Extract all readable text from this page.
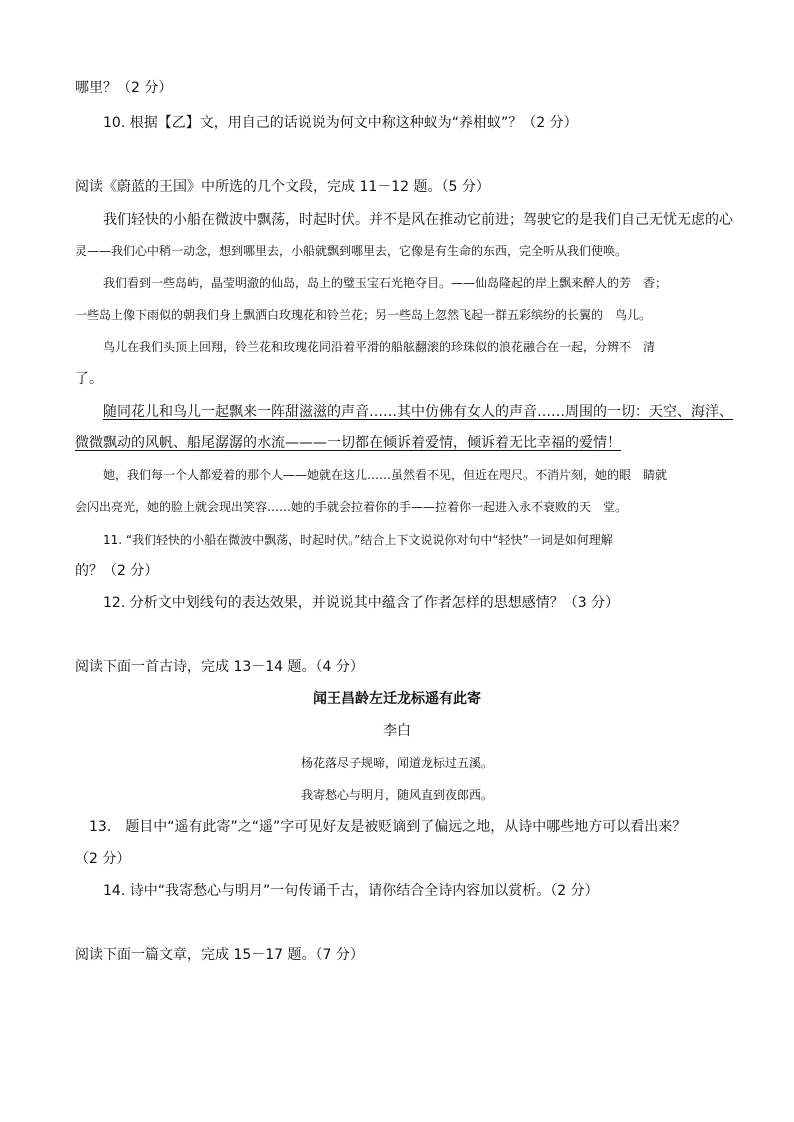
哪里？（2 分）
10. 根据【乙】文，用自己的话说说为何文中称这种蚁为“养柑蚁”？（2 分）
阅读《蔚蓝的王国》中所选的几个文段，完成 11－12 题。（5 分）
我们轻快的小船在微波中飘荡，时起时伏。并不是风在推动它前进；驾驶它的是我们自己无忧无虑的心
灵——我们心中稍一动念，想到哪里去，小船就飘到哪里去，它像是有生命的东西，完全听从我们使唤。
我们看到一些岛屿，晶莹明澈的仙岛，岛上的璧玉宝石光艳夺目。——仙岛隆起的岸上飘来醉人的芳　香；
一些岛上像下雨似的朝我们身上飘洒白玫瑰花和铃兰花；另一些岛上忽然飞起一群五彩缤纷的长翼的　鸟儿。
鸟儿在我们头顶上回翔，铃兰花和玫瑰花同沿着平滑的船舷翻滚的珍珠似的浪花融合在一起，分辨不　清
了。
随同花儿和鸟儿一起飘来一阵甜滋滋的声音……其中仿佛有女人的声音……周围的一切：天空、海洋、
微微飘动的风帆、船尾潺潺的水流———一切都在倾诉着爱情，倾诉着无比幸福的爱情！
她，我们每一个人都爱着的那个人——她就在这儿……虽然看不见，但近在咫尺。不消片刻，她的眼　睛就
会闪出亮光，她的脸上就会现出笑容……她的手就会拉着你的手——拉着你一起进入永不衰败的天　堂。
11. “我们轻快的小船在微波中飘荡，时起时伏。”结合上下文说说你对句中“轻快”一词是如何理解
的？（2 分）
12. 分析文中划线句的表达效果，并说说其中蕴含了作者怎样的思想感情？（3 分）
阅读下面一首古诗，完成 13－14 题。（4 分）
闻王昌龄左迁龙标遥有此寄
李白
杨花落尽子规啼，闻道龙标过五溪。
我寄愁心与明月，随风直到夜郎西。
13.　题目中“遥有此寄”之“遥”字可见好友是被贬谪到了偏远之地，从诗中哪些地方可以看出来？
（2 分）
14. 诗中“我寄愁心与明月”一句传诵千古，请你结合全诗内容加以赏析。（2 分）
阅读下面一篇文章，完成 15－17 题。（7 分）
